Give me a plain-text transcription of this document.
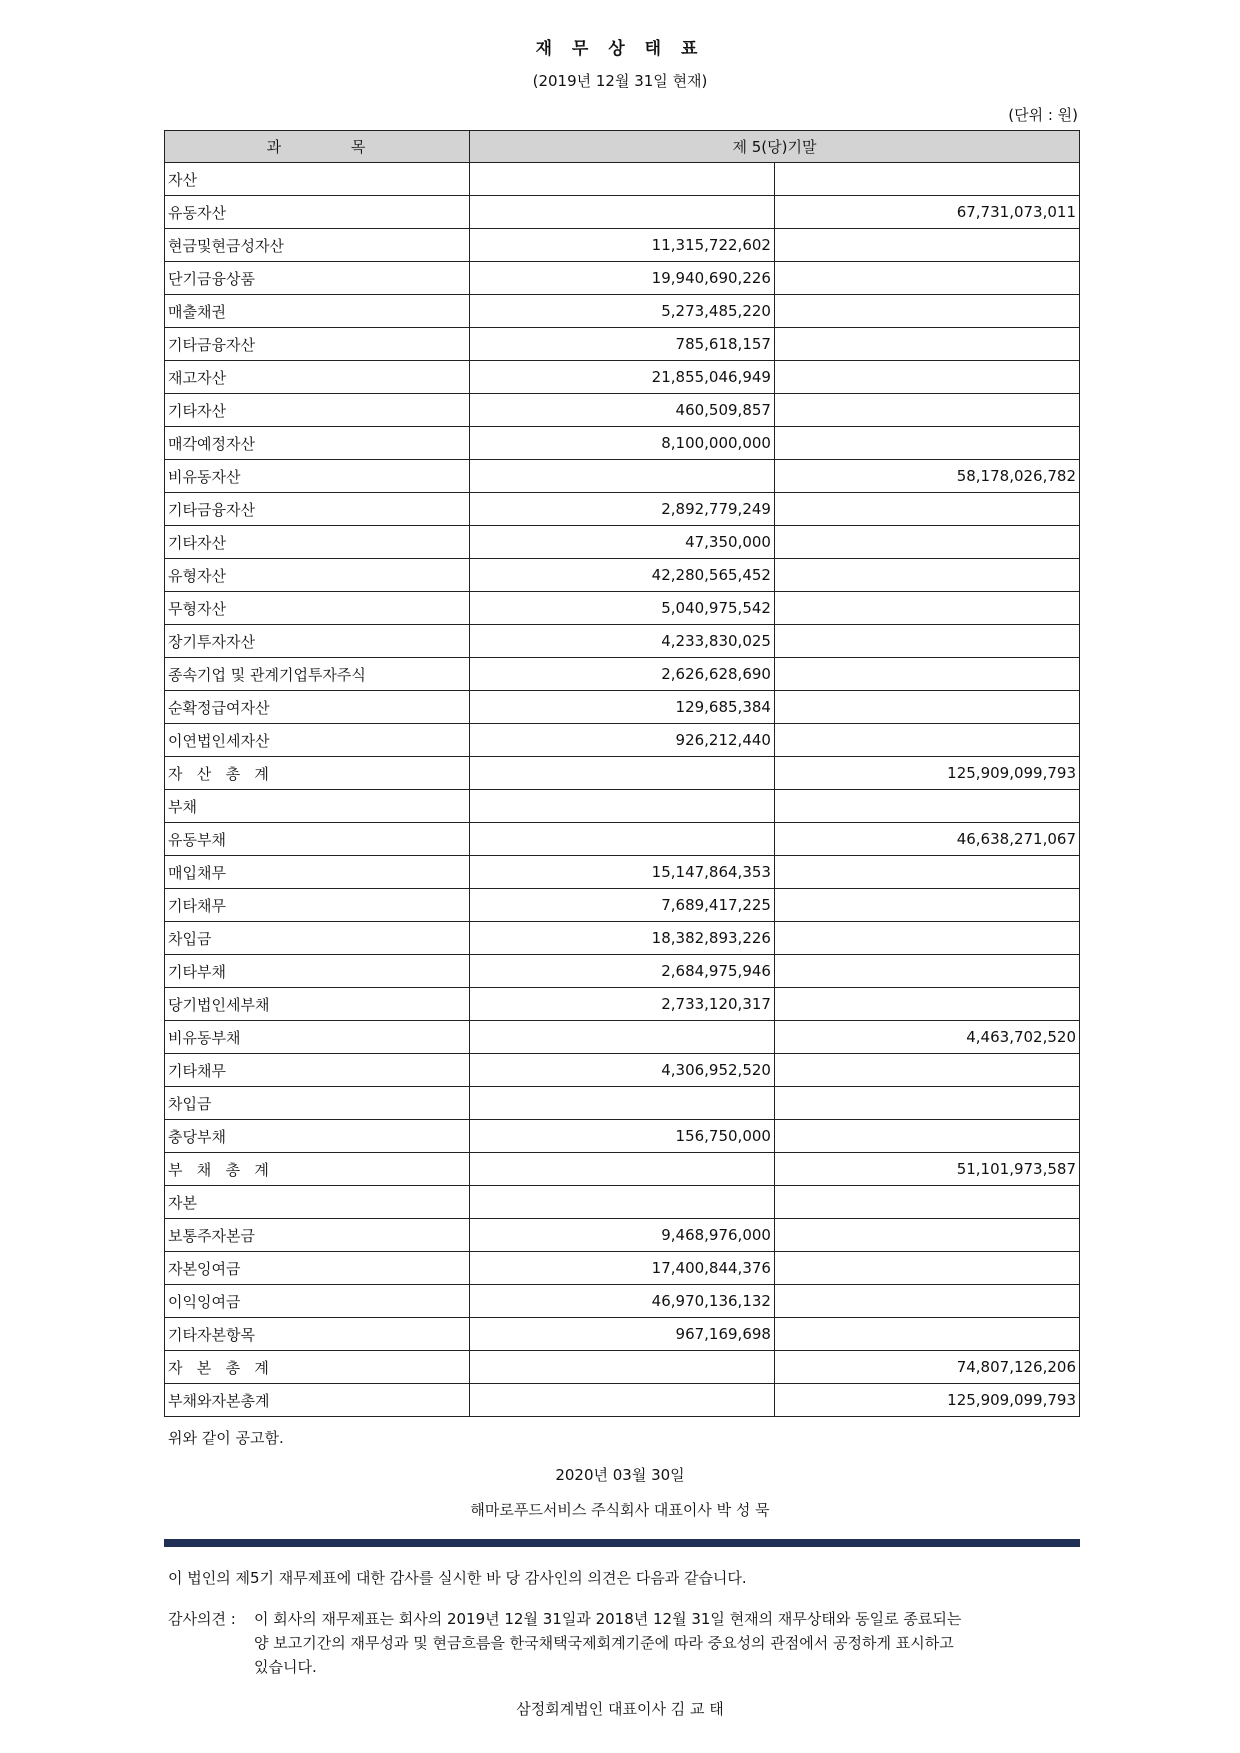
재 무 상 태 표
(2019년 12월 31일 현재)
(단위 : 원)
과          목	제 5(당)기말	
자산		
유동자산		67,731,073,011
현금및현금성자산	11,315,722,602	
단기금융상품	19,940,690,226	
매출채권	5,273,485,220	
기타금융자산	785,618,157	
재고자산	21,855,046,949	
기타자산	460,509,857	
매각예정자산	8,100,000,000	
비유동자산		58,178,026,782
기타금융자산	2,892,779,249	
기타자산	47,350,000	
유형자산	42,280,565,452	
무형자산	5,040,975,542	
장기투자자산	4,233,830,025	
종속기업 및 관계기업투자주식	2,626,628,690	
순확정급여자산	129,685,384	
이연법인세자산	926,212,440	
자   산   총   계		125,909,099,793
부채		
유동부채		46,638,271,067
매입채무	15,147,864,353	
기타채무	7,689,417,225	
차입금	18,382,893,226	
기타부채	2,684,975,946	
당기법인세부채	2,733,120,317	
비유동부채		4,463,702,520
기타채무	4,306,952,520	
차입금		
충당부채	156,750,000	
부   채   총   계		51,101,973,587
자본		
보통주자본금	9,468,976,000	
자본잉여금	17,400,844,376	
이익잉여금	46,970,136,132	
기타자본항목	967,169,698	
자   본   총   계		74,807,126,206
부채와자본총계		125,909,099,793
위와 같이 공고함.
2020년 03월 30일
해마로푸드서비스 주식회사 대표이사 박 성 묵
이 법인의 제5기 재무제표에 대한 감사를 실시한 바 당 감사인의 의견은 다음과 같습니다.
감사의견 : 이 회사의 재무제표는 회사의 2019년 12월 31일과 2018년 12월 31일 현재의 재무상태와 동일로 종료되는
양 보고기간의 재무성과 및 현금흐름을 한국채택국제회계기준에 따라 중요성의 관점에서 공정하게 표시하고
있습니다.
삼정회계법인 대표이사 김 교 태
